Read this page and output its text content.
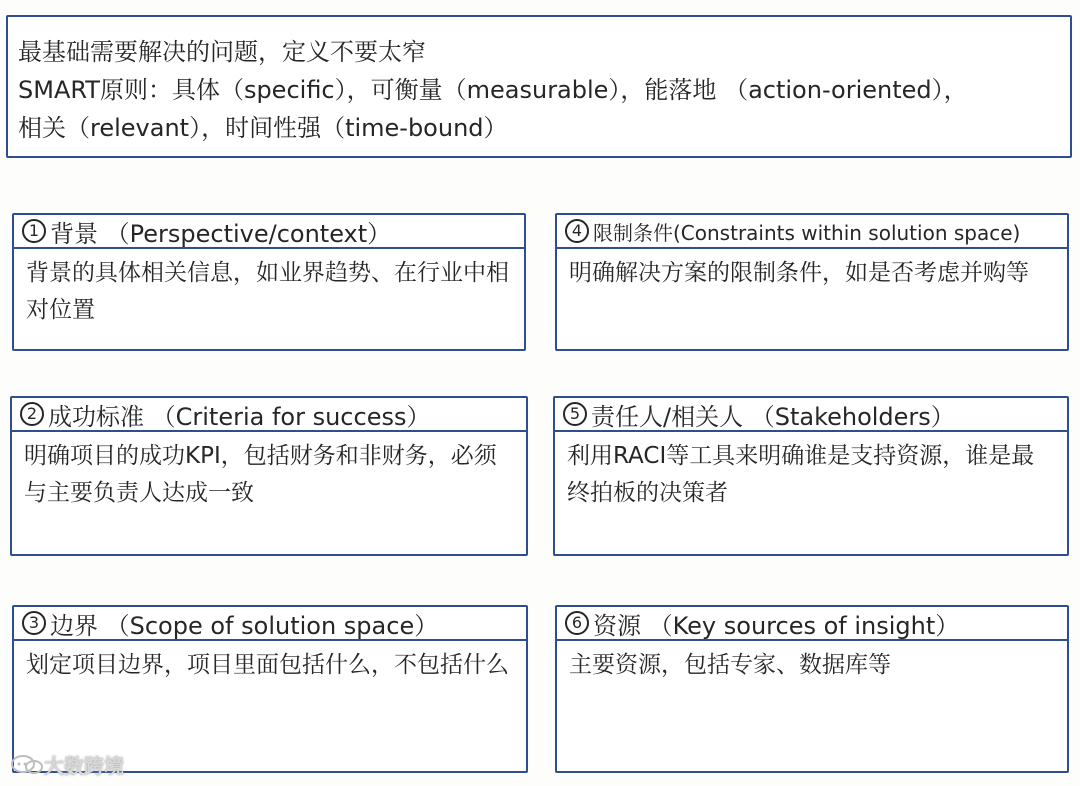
最基础需要解决的问题，定义不要太窄
SMART原则：具体（specific），可衡量（measurable），能落地 （action-oriented），
相关（relevant），时间性强（time-bound）
1 背景 （Perspective/context）
背景的具体相关信息，如业界趋势、在行业中相对位置
4 限制条件(Constraints within solution space)
明确解决方案的限制条件，如是否考虑并购等
2 成功标准 （Criteria for success）
明确项目的成功KPI，包括财务和非财务，必须与主要负责人达成一致
5 责任人/相关人 （Stakeholders）
利用RACI等工具来明确谁是支持资源，谁是最终拍板的决策者
3 边界 （Scope of solution space）
划定项目边界，项目里面包括什么，不包括什么
6 资源 （Key sources of insight）
主要资源，包括专家、数据库等
大数跨境
